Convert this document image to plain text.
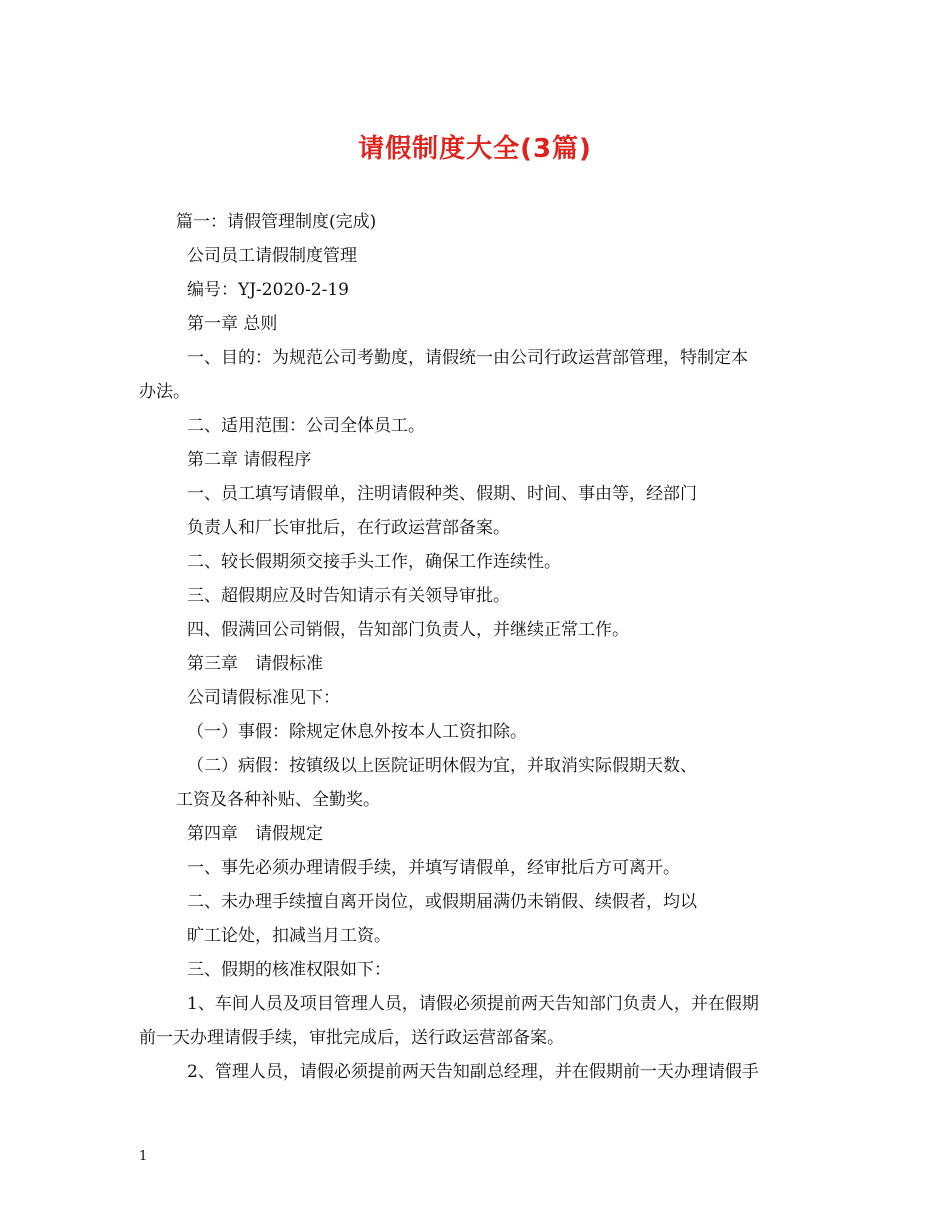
请假制度大全(3篇)
篇一：请假管理制度(完成)
公司员工请假制度管理
编号：YJ-2020-2-19
第一章 总则
一、目的：为规范公司考勤度，请假统一由公司行政运营部管理，特制定本
办法。
二、适用范围：公司全体员工。
第二章 请假程序
一、员工填写请假单，注明请假种类、假期、时间、事由等，经部门
负责人和厂长审批后，在行政运营部备案。
二、较长假期须交接手头工作，确保工作连续性。
三、超假期应及时告知请示有关领导审批。
四、假满回公司销假，告知部门负责人，并继续正常工作。
第三章　请假标准
公司请假标准见下：
（一）事假：除规定休息外按本人工资扣除。
（二）病假：按镇级以上医院证明休假为宜，并取消实际假期天数、
工资及各种补贴、全勤奖。
第四章　请假规定
一、事先必须办理请假手续，并填写请假单，经审批后方可离开。
二、未办理手续擅自离开岗位，或假期届满仍未销假、续假者，均以
旷工论处，扣减当月工资。
三、假期的核准权限如下：
1、车间人员及项目管理人员，请假必须提前两天告知部门负责人，并在假期
前一天办理请假手续，审批完成后，送行政运营部备案。
2、管理人员，请假必须提前两天告知副总经理，并在假期前一天办理请假手
1
